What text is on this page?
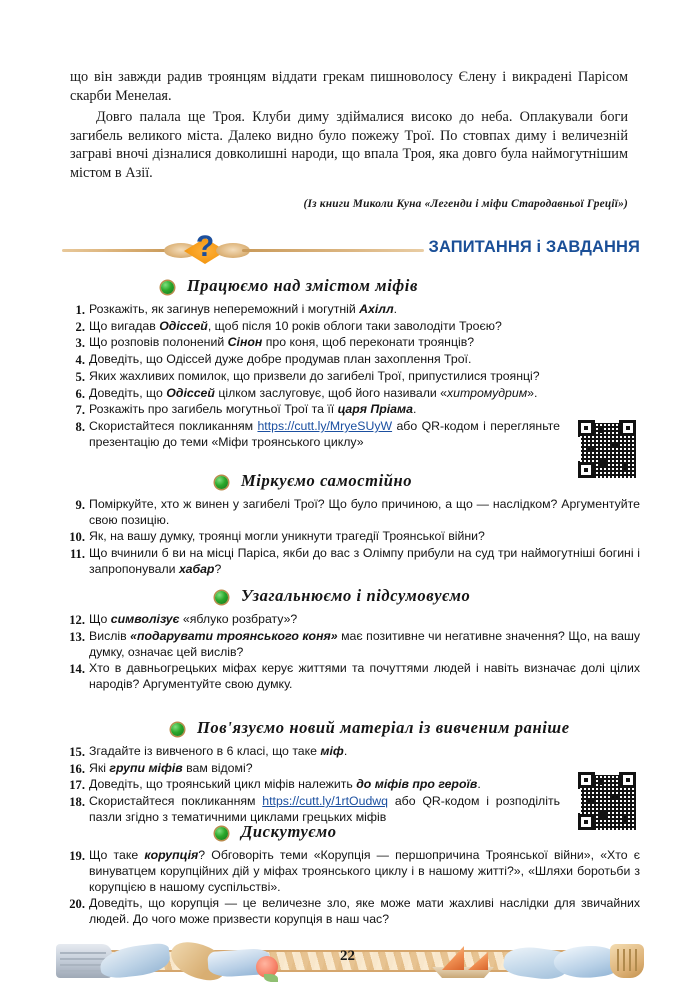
що він завжди радив троянцям віддати грекам пишноволосу Єлену і викрадені Парісом скарби Менелая.

Довго палала ще Троя. Клуби диму здіймалися високо до неба. Оплакували боги загибель великого міста. Далеко видно було пожежу Трої. По стовпах диму і величезній заграві вночі дізналися довколишні народи, що впала Троя, яка довго була наймогутнішим містом в Азії.

(Із книги Миколи Куна «Легенди і міфи Стародавньої Греції»)
?	ЗАПИТАННЯ і ЗАВДАННЯ
Працюємо над змістом міфів
1. Розкажіть, як загинув непереможний і могутній Ахілл.
2. Що вигадав Одіссей, щоб після 10 років облоги таки заволодіти Троєю?
3. Що розповів полонений Сінон про коня, щоб переконати троянців?
4. Доведіть, що Одіссей дуже добре продумав план захоплення Трої.
5. Яких жахливих помилок, що призвели до загибелі Трої, припустилися троянці?
6. Доведіть, що Одіссей цілком заслуговує, щоб його називали «хитромудрим».
7. Розкажіть про загибель могутньої Трої та її царя Пріама.
8. Скористайтеся покликанням https://cutt.ly/MryeSUyW або QR-кодом і перегляньте презентацію до теми «Міфи троянського циклу»
Міркуємо самостійно
9. Поміркуйте, хто ж винен у загибелі Трої? Що було причиною, а що — наслідком? Аргументуйте свою позицію.
10. Як, на вашу думку, троянці могли уникнути трагедії Троянської війни?
11. Що вчинили б ви на місці Паріса, якби до вас з Олімпу прибули на суд три наймогутніші богині і запропонували хабар?
Узагальнюємо і підсумовуємо
12. Що символізує «яблуко розбрату»?
13. Вислів «подарувати троянського коня» має позитивне чи негативне значення? Що, на вашу думку, означає цей вислів?
14. Хто в давньогрецьких міфах керує життями та почуттями людей і навіть визначає долі цілих народів? Аргументуйте свою думку.
Пов'язуємо новий матеріал із вивченим раніше
15. Згадайте із вивченого в 6 класі, що таке міф.
16. Які групи міфів вам відомі?
17. Доведіть, що троянський цикл міфів належить до міфів про героїв.
18. Скористайтеся покликанням https://cutt.ly/1rtOudwq або QR-кодом і розподіліть пазли згідно з тематичними циклами грецьких міфів
Дискутуємо
19. Що таке корупція? Обговоріть теми «Корупція — першопричина Троянської війни», «Хто є винуватцем корупційних дій у міфах троянського циклу і в нашому житті?», «Шляхи боротьби з корупцією в нашому суспільстві».
20. Доведіть, що корупція — це величезне зло, яке може мати жахливі наслідки для звичайних людей. До чого може призвести корупція в наш час?
22
